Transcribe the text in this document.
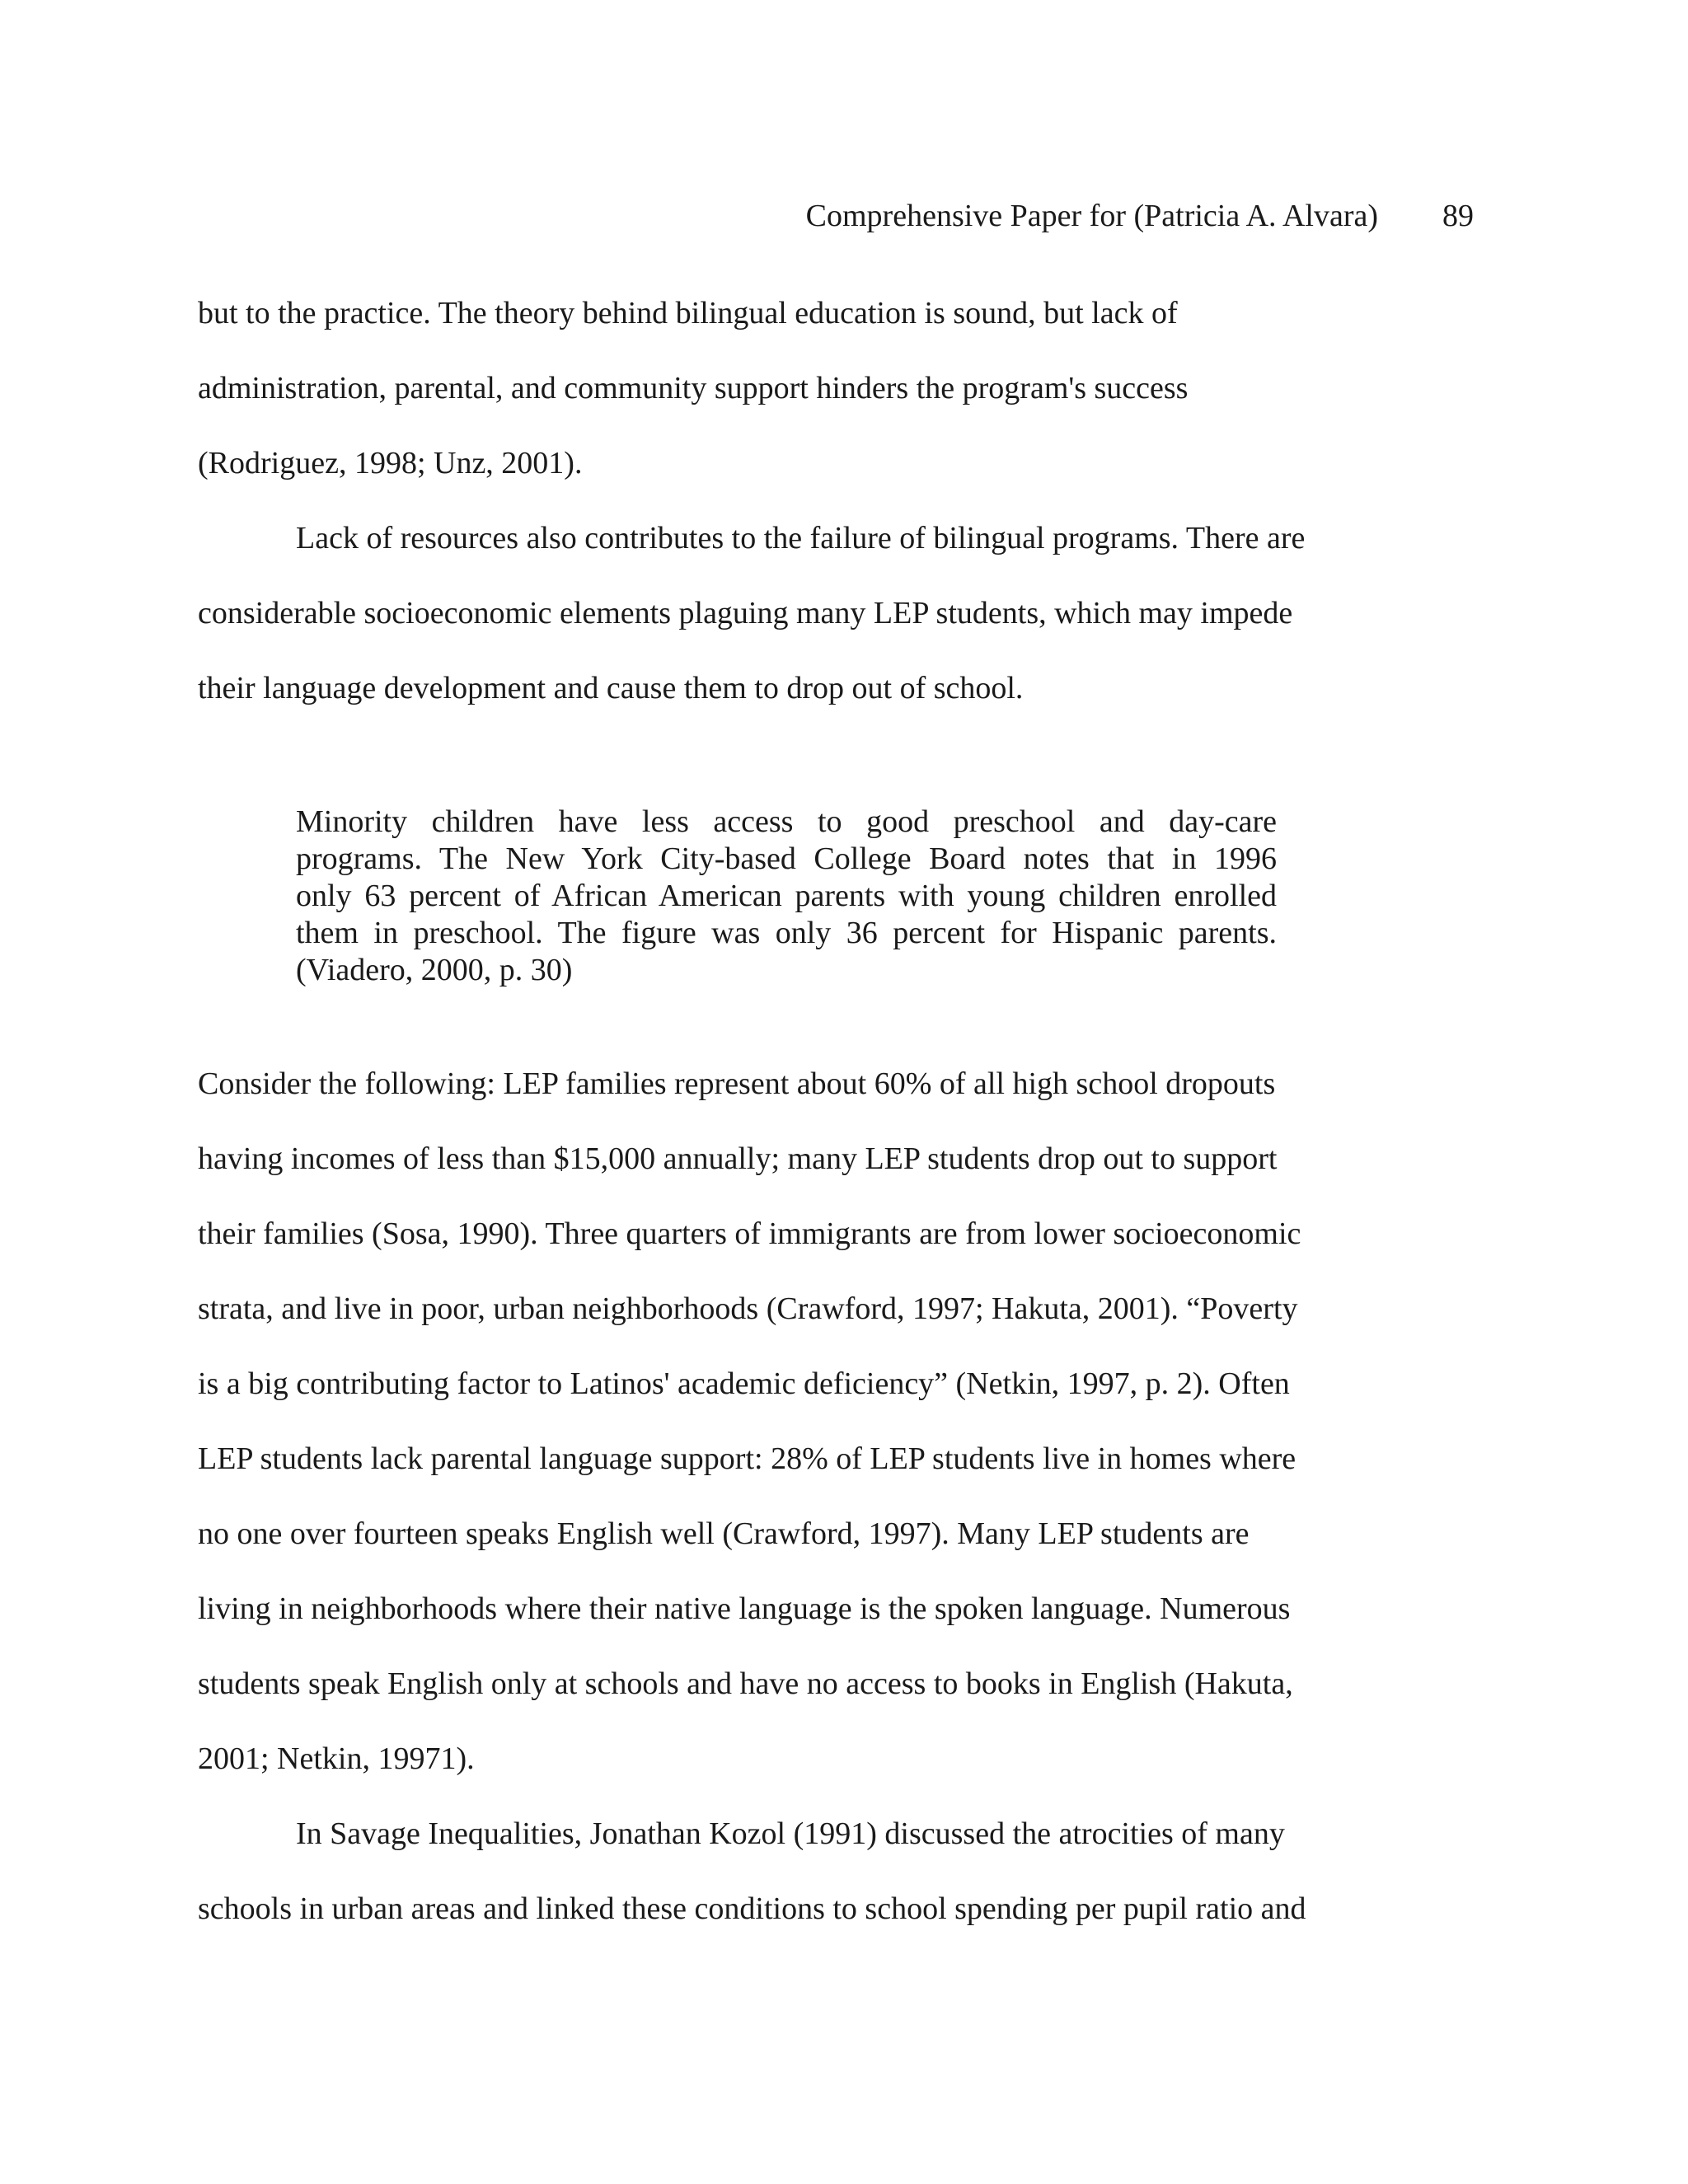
Comprehensive Paper for (Patricia A. Alvara) 89
but to the practice. The theory behind bilingual education is sound, but lack of
administration, parental, and community support hinders the program's success
(Rodriguez, 1998; Unz, 2001).
Lack of resources also contributes to the failure of bilingual programs. There are
considerable socioeconomic elements plaguing many LEP students, which may impede
their language development and cause them to drop out of school.
Minority children have less access to good preschool and day-care
programs. The New York City-based College Board notes that in 1996
only 63 percent of African American parents with young children enrolled
them in preschool. The figure was only 36 percent for Hispanic parents.
(Viadero, 2000, p. 30)
Consider the following: LEP families represent about 60% of all high school dropouts
having incomes of less than $15,000 annually; many LEP students drop out to support
their families (Sosa, 1990). Three quarters of immigrants are from lower socioeconomic
strata, and live in poor, urban neighborhoods (Crawford, 1997; Hakuta, 2001). “Poverty
is a big contributing factor to Latinos' academic deficiency” (Netkin, 1997, p. 2). Often
LEP students lack parental language support: 28% of LEP students live in homes where
no one over fourteen speaks English well (Crawford, 1997). Many LEP students are
living in neighborhoods where their native language is the spoken language. Numerous
students speak English only at schools and have no access to books in English (Hakuta,
2001; Netkin, 19971).
In Savage Inequalities, Jonathan Kozol (1991) discussed the atrocities of many
schools in urban areas and linked these conditions to school spending per pupil ratio and
